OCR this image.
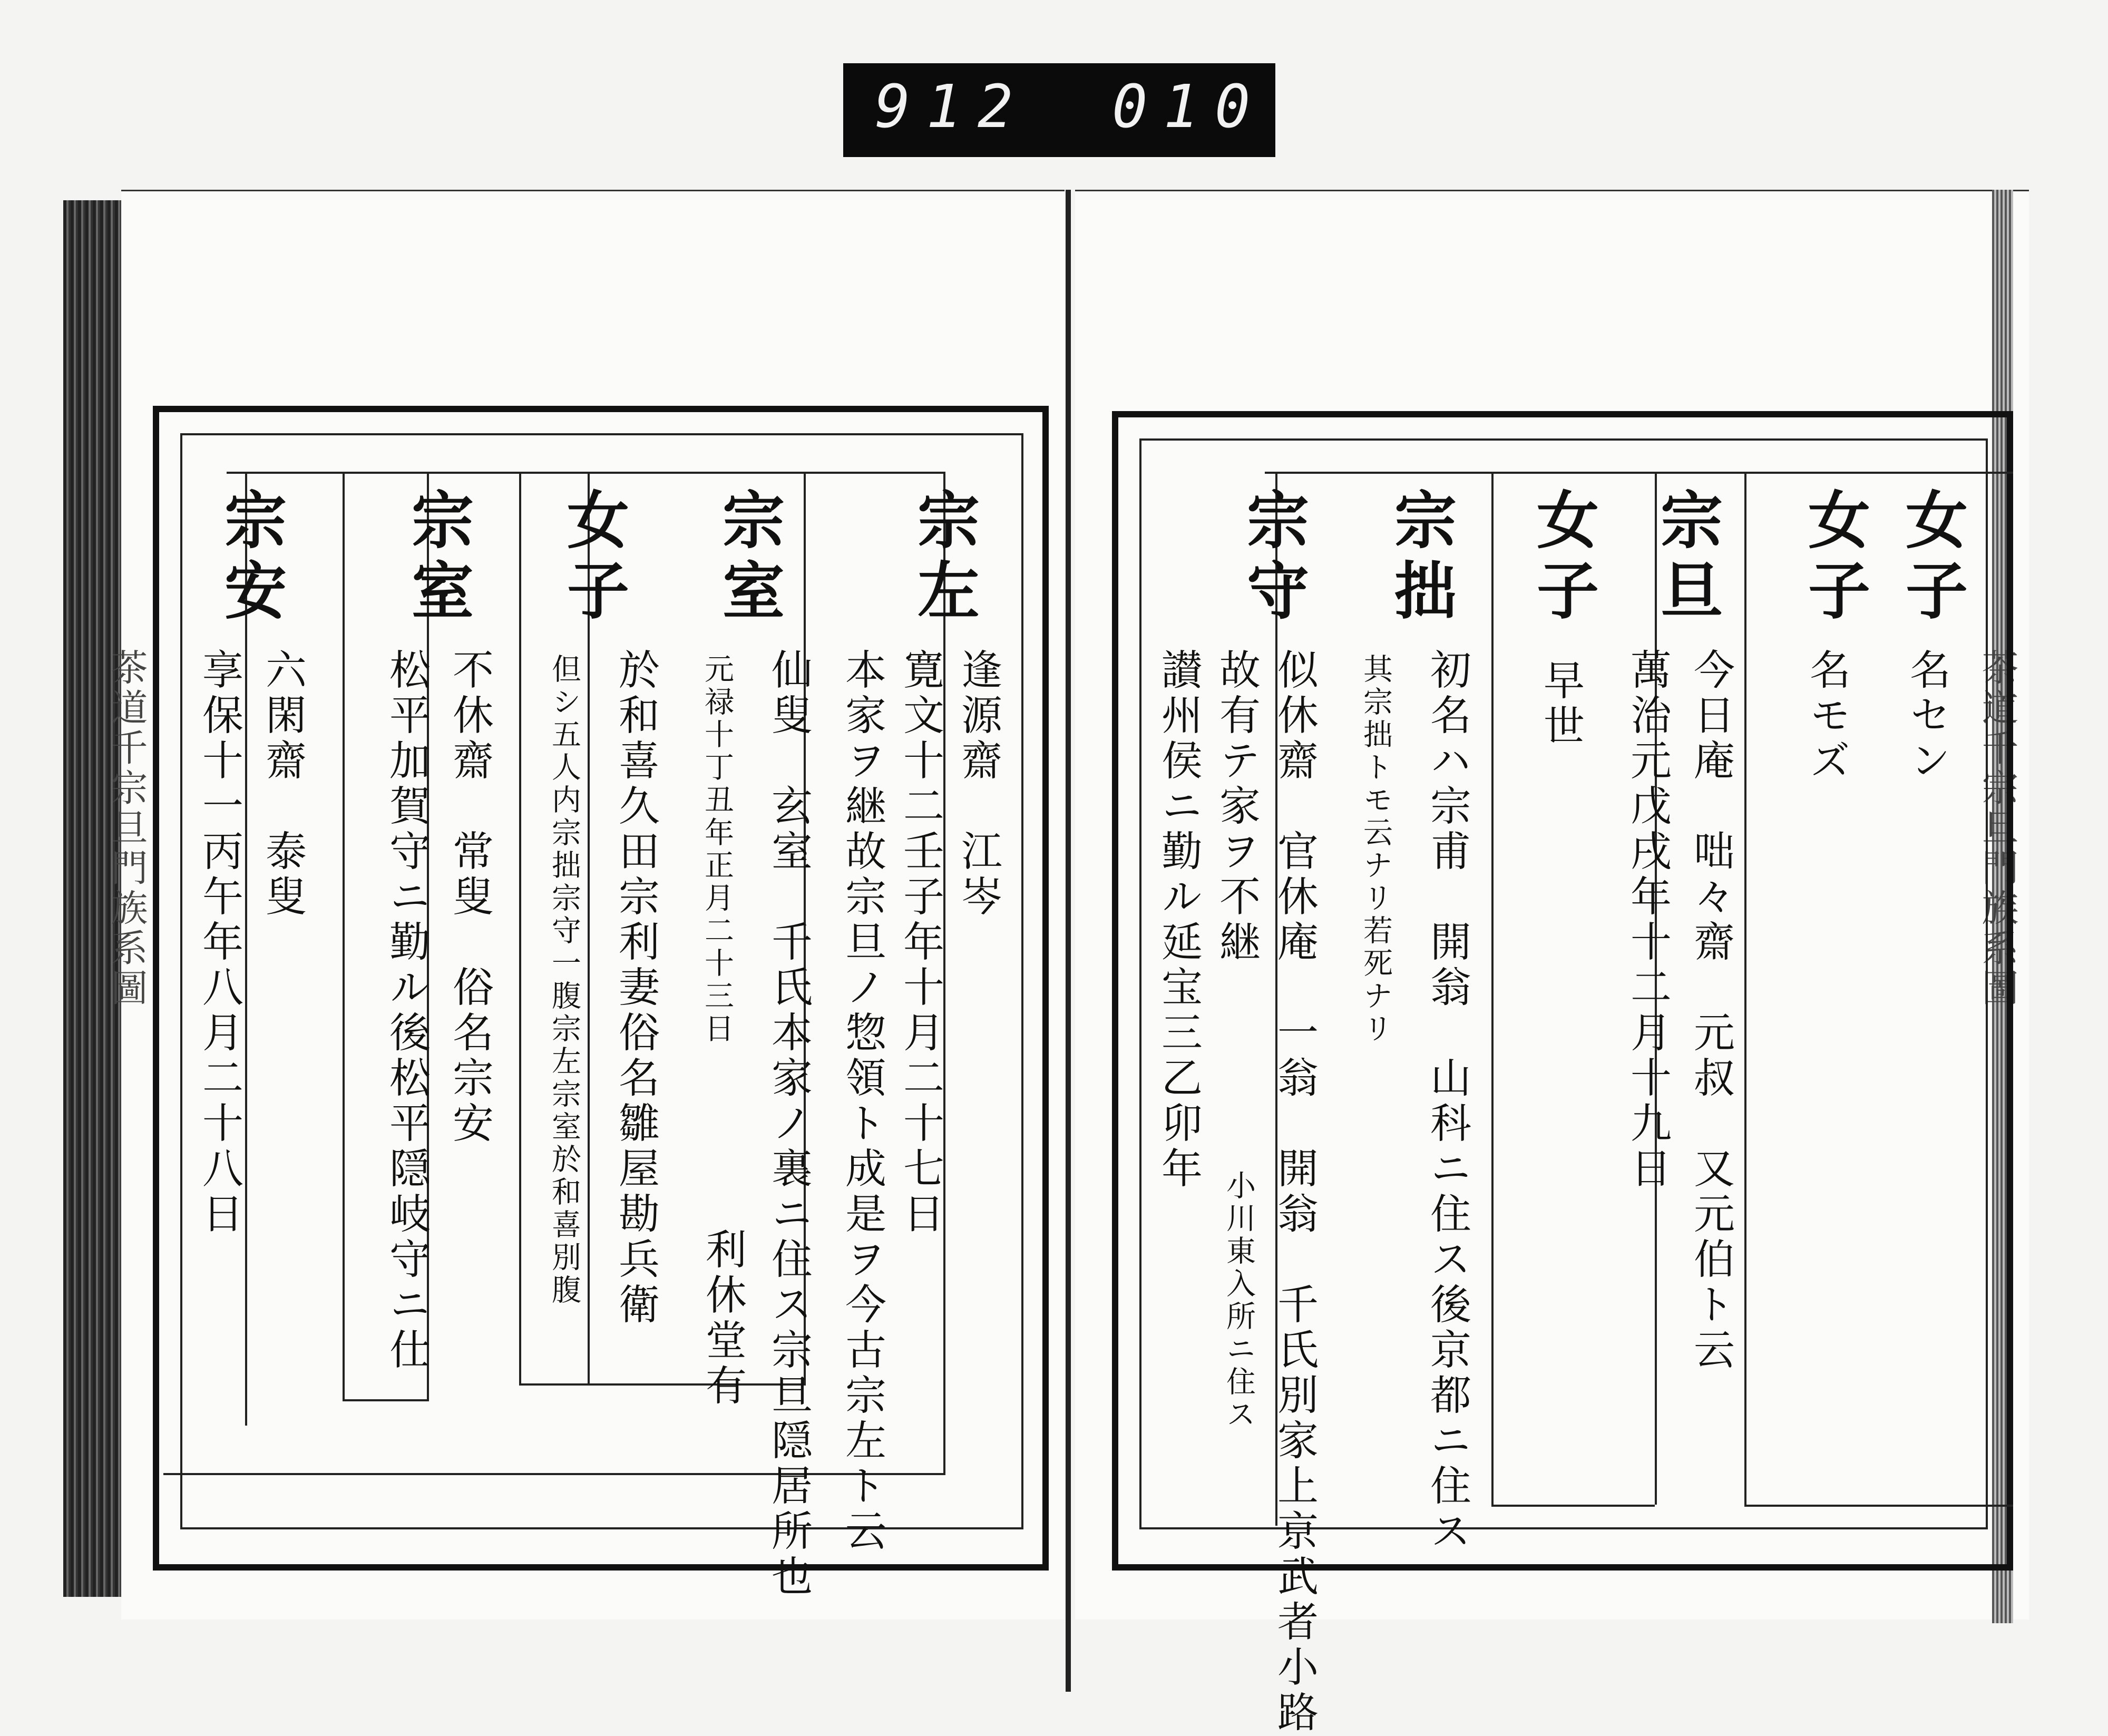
912 010
茶道千宗旦門族系圖	茶道千宗旦門族系圖
宗左
逢源齋　江岑
寛文十二壬子年十月二十七日
本家ヲ継故宗旦ノ惣領ト成是ヲ今古宗左ト云
宗室
仙叟　玄室　千氏本家ノ裏ニ住ス宗旦隠居所也
元禄十丁丑年正月二十三日
利休堂有
女子
於和喜久田宗利妻俗名雛屋勘兵衛
但シ五人内宗拙宗守一腹宗左宗室於和喜別腹
宗室
不休齋　常叟　俗名宗安
松平加賀守ニ勤ル後松平隠岐守ニ仕
宗安
六閑齋　泰叟
享保十一丙午年八月二十八日
女子
名セン
女子
名モズ
宗旦
今日庵　咄々齋　元叔　又元伯ト云
萬治元戊戌年十二月十九日
女子
早世
宗拙
初名ハ宗甫　開翁　山科ニ住ス後京都ニ住ス
其宗拙トモ云ナリ若死ナリ
宗守
似休齋　官休庵　一翁　開翁　千氏別家上京武者小路
故有テ家ヲ不継
小川東入所ニ住ス
讃州侯ニ勤ル延宝三乙卯年
